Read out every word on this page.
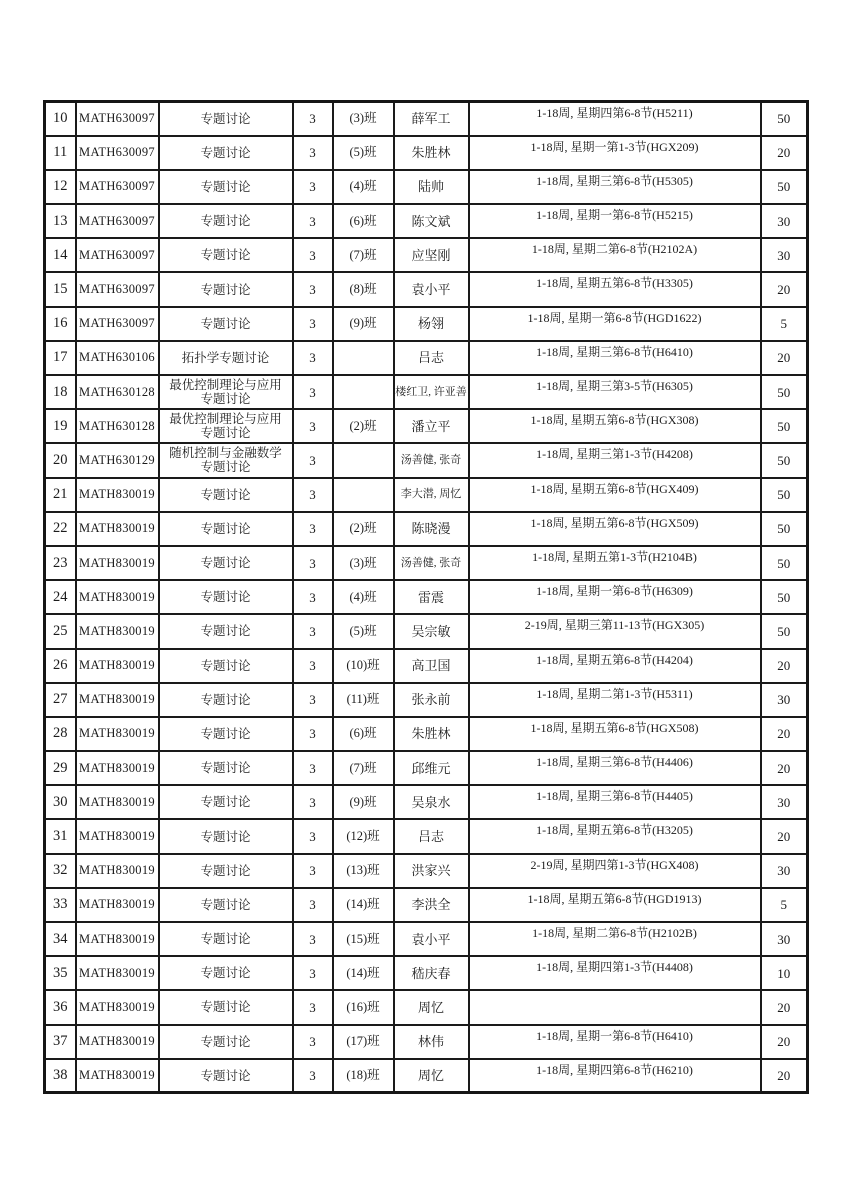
10	MATH630097	专题讨论	3	(3)班	薛军工	1-18周, 星期四第6-8节(H5211)	50
11	MATH630097	专题讨论	3	(5)班	朱胜林	1-18周, 星期一第1-3节(HGX209)	20
12	MATH630097	专题讨论	3	(4)班	陆帅	1-18周, 星期三第6-8节(H5305)	50
13	MATH630097	专题讨论	3	(6)班	陈文斌	1-18周, 星期一第6-8节(H5215)	30
14	MATH630097	专题讨论	3	(7)班	应坚刚	1-18周, 星期二第6-8节(H2102A)	30
15	MATH630097	专题讨论	3	(8)班	袁小平	1-18周, 星期五第6-8节(H3305)	20
16	MATH630097	专题讨论	3	(9)班	杨翎	1-18周, 星期一第6-8节(HGD1622)	5
17	MATH630106	拓扑学专题讨论	3		吕志	1-18周, 星期三第6-8节(H6410)	20
18	MATH630128	最优控制理论与应用专题讨论	3		楼红卫, 许亚善	1-18周, 星期三第3-5节(H6305)	50
19	MATH630128	最优控制理论与应用专题讨论	3	(2)班	潘立平	1-18周, 星期五第6-8节(HGX308)	50
20	MATH630129	随机控制与金融数学专题讨论	3		汤善健, 张奇	1-18周, 星期三第1-3节(H4208)	50
21	MATH830019	专题讨论	3		李大潜, 周忆	1-18周, 星期五第6-8节(HGX409)	50
22	MATH830019	专题讨论	3	(2)班	陈晓漫	1-18周, 星期五第6-8节(HGX509)	50
23	MATH830019	专题讨论	3	(3)班	汤善健, 张奇	1-18周, 星期五第1-3节(H2104B)	50
24	MATH830019	专题讨论	3	(4)班	雷震	1-18周, 星期一第6-8节(H6309)	50
25	MATH830019	专题讨论	3	(5)班	吴宗敏	2-19周, 星期三第11-13节(HGX305)	50
26	MATH830019	专题讨论	3	(10)班	高卫国	1-18周, 星期五第6-8节(H4204)	20
27	MATH830019	专题讨论	3	(11)班	张永前	1-18周, 星期二第1-3节(H5311)	30
28	MATH830019	专题讨论	3	(6)班	朱胜林	1-18周, 星期五第6-8节(HGX508)	20
29	MATH830019	专题讨论	3	(7)班	邱维元	1-18周, 星期三第6-8节(H4406)	20
30	MATH830019	专题讨论	3	(9)班	吴泉水	1-18周, 星期三第6-8节(H4405)	30
31	MATH830019	专题讨论	3	(12)班	吕志	1-18周, 星期五第6-8节(H3205)	20
32	MATH830019	专题讨论	3	(13)班	洪家兴	2-19周, 星期四第1-3节(HGX408)	30
33	MATH830019	专题讨论	3	(14)班	李洪全	1-18周, 星期五第6-8节(HGD1913)	5
34	MATH830019	专题讨论	3	(15)班	袁小平	1-18周, 星期二第6-8节(H2102B)	30
35	MATH830019	专题讨论	3	(14)班	嵇庆春	1-18周, 星期四第1-3节(H4408)	10
36	MATH830019	专题讨论	3	(16)班	周忆		20
37	MATH830019	专题讨论	3	(17)班	林伟	1-18周, 星期一第6-8节(H6410)	20
38	MATH830019	专题讨论	3	(18)班	周忆	1-18周, 星期四第6-8节(H6210)	20
